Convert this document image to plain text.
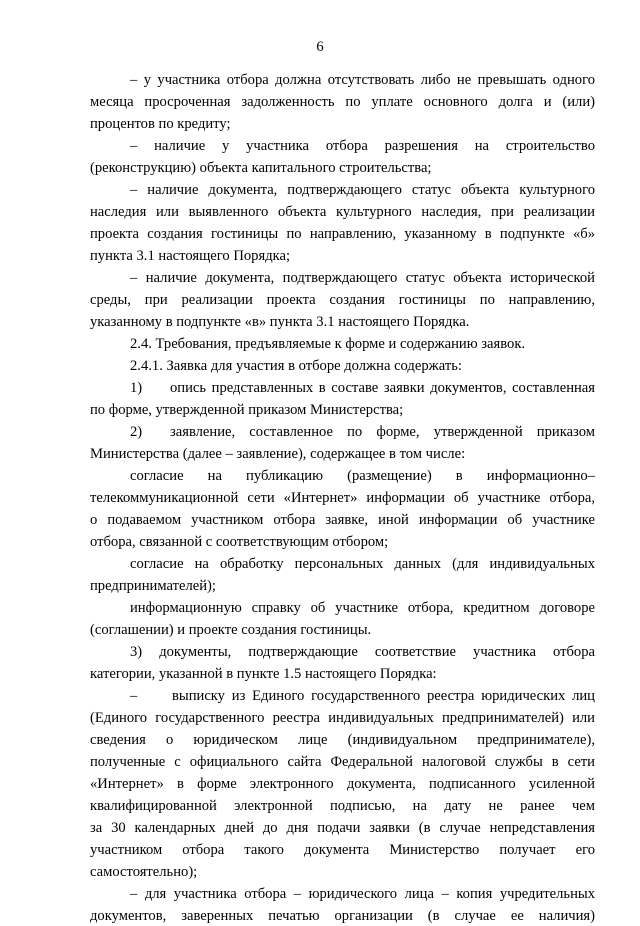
6
– у участника отбора должна отсутствовать либо не превышать одного
месяца просроченная задолженность по уплате основного долга и (или)
процентов по кредиту;
– наличие у участника отбора разрешения на строительство
(реконструкцию) объекта капитального строительства;
– наличие документа, подтверждающего статус объекта культурного
наследия или выявленного объекта культурного наследия, при реализации
проекта создания гостиницы по направлению, указанному в подпункте «б»
пункта 3.1 настоящего Порядка;
– наличие документа, подтверждающего статус объекта исторической
среды, при реализации проекта создания гостиницы по направлению,
указанному в подпункте «в» пункта 3.1 настоящего Порядка.
2.4. Требования, предъявляемые к форме и содержанию заявок.
2.4.1. Заявка для участия в отборе должна содержать:
1)	опись представленных в составе заявки документов, составленная
по форме, утвержденной приказом Министерства;
2)	заявление, составленное по форме, утвержденной приказом
Министерства (далее – заявление), содержащее в том числе:
согласие на публикацию (размещение) в информационно–
телекоммуникационной сети «Интернет» информации об участнике отбора,
о подаваемом участником отбора заявке, иной информации об участнике
отбора, связанной с соответствующим отбором;
согласие на обработку персональных данных (для индивидуальных
предпринимателей);
информационную справку об участнике отбора, кредитном договоре
(соглашении) и проекте создания гостиницы.
3) документы, подтверждающие соответствие участника отбора
категории, указанной в пункте 1.5 настоящего Порядка:
–	выписку из Единого государственного реестра юридических лиц
(Единого государственного реестра индивидуальных предпринимателей) или
сведения о юридическом лице (индивидуальном предпринимателе),
полученные с официального сайта Федеральной налоговой службы в сети
«Интернет» в форме электронного документа, подписанного усиленной
квалифицированной электронной подписью, на дату не ранее чем
за 30 календарных дней до дня подачи заявки (в случае непредставления
участником отбора такого документа Министерство получает его
самостоятельно);
– для участника отбора – юридического лица – копия учредительных
документов, заверенных печатью организации (в случае ее наличия)
